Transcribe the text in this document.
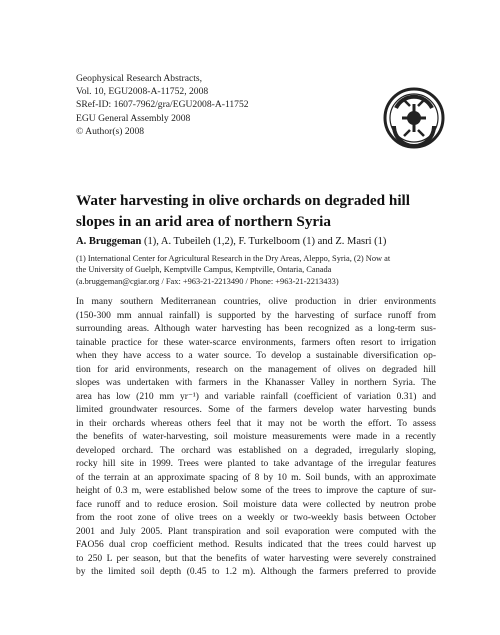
Geophysical Research Abstracts,
Vol. 10, EGU2008-A-11752, 2008
SRef-ID: 1607-7962/gra/EGU2008-A-11752
EGU General Assembly 2008
© Author(s) 2008
Water harvesting in olive orchards on degraded hill slopes in an arid area of northern Syria
A. Bruggeman (1), A. Tubeileh (1,2), F. Turkelboom (1) and Z. Masri (1)
(1) International Center for Agricultural Research in the Dry Areas, Aleppo, Syria, (2) Now at
the University of Guelph, Kemptville Campus, Kemptville, Ontaria, Canada
(a.bruggeman@cgiar.org / Fax: +963-21-2213490 / Phone: +963-21-2213433)
In many southern Mediterranean countries, olive production in drier environments
(150-300 mm annual rainfall) is supported by the harvesting of surface runoff from
surrounding areas. Although water harvesting has been recognized as a long-term sus-
tainable practice for these water-scarce environments, farmers often resort to irrigation
when they have access to a water source. To develop a sustainable diversification op-
tion for arid environments, research on the management of olives on degraded hill
slopes was undertaken with farmers in the Khanasser Valley in northern Syria. The
area has low (210 mm yr⁻¹) and variable rainfall (coefficient of variation 0.31) and
limited groundwater resources. Some of the farmers develop water harvesting bunds
in their orchards whereas others feel that it may not be worth the effort. To assess
the benefits of water-harvesting, soil moisture measurements were made in a recently
developed orchard. The orchard was established on a degraded, irregularly sloping,
rocky hill site in 1999. Trees were planted to take advantage of the irregular features
of the terrain at an approximate spacing of 8 by 10 m. Soil bunds, with an approximate
height of 0.3 m, were established below some of the trees to improve the capture of sur-
face runoff and to reduce erosion. Soil moisture data were collected by neutron probe
from the root zone of olive trees on a weekly or two-weekly basis between October
2001 and July 2005. Plant transpiration and soil evaporation were computed with the
FAO56 dual crop coefficient method. Results indicated that the trees could harvest up
to 250 L per season, but that the benefits of water harvesting were severely constrained
by the limited soil depth (0.45 to 1.2 m). Although the farmers preferred to provide
